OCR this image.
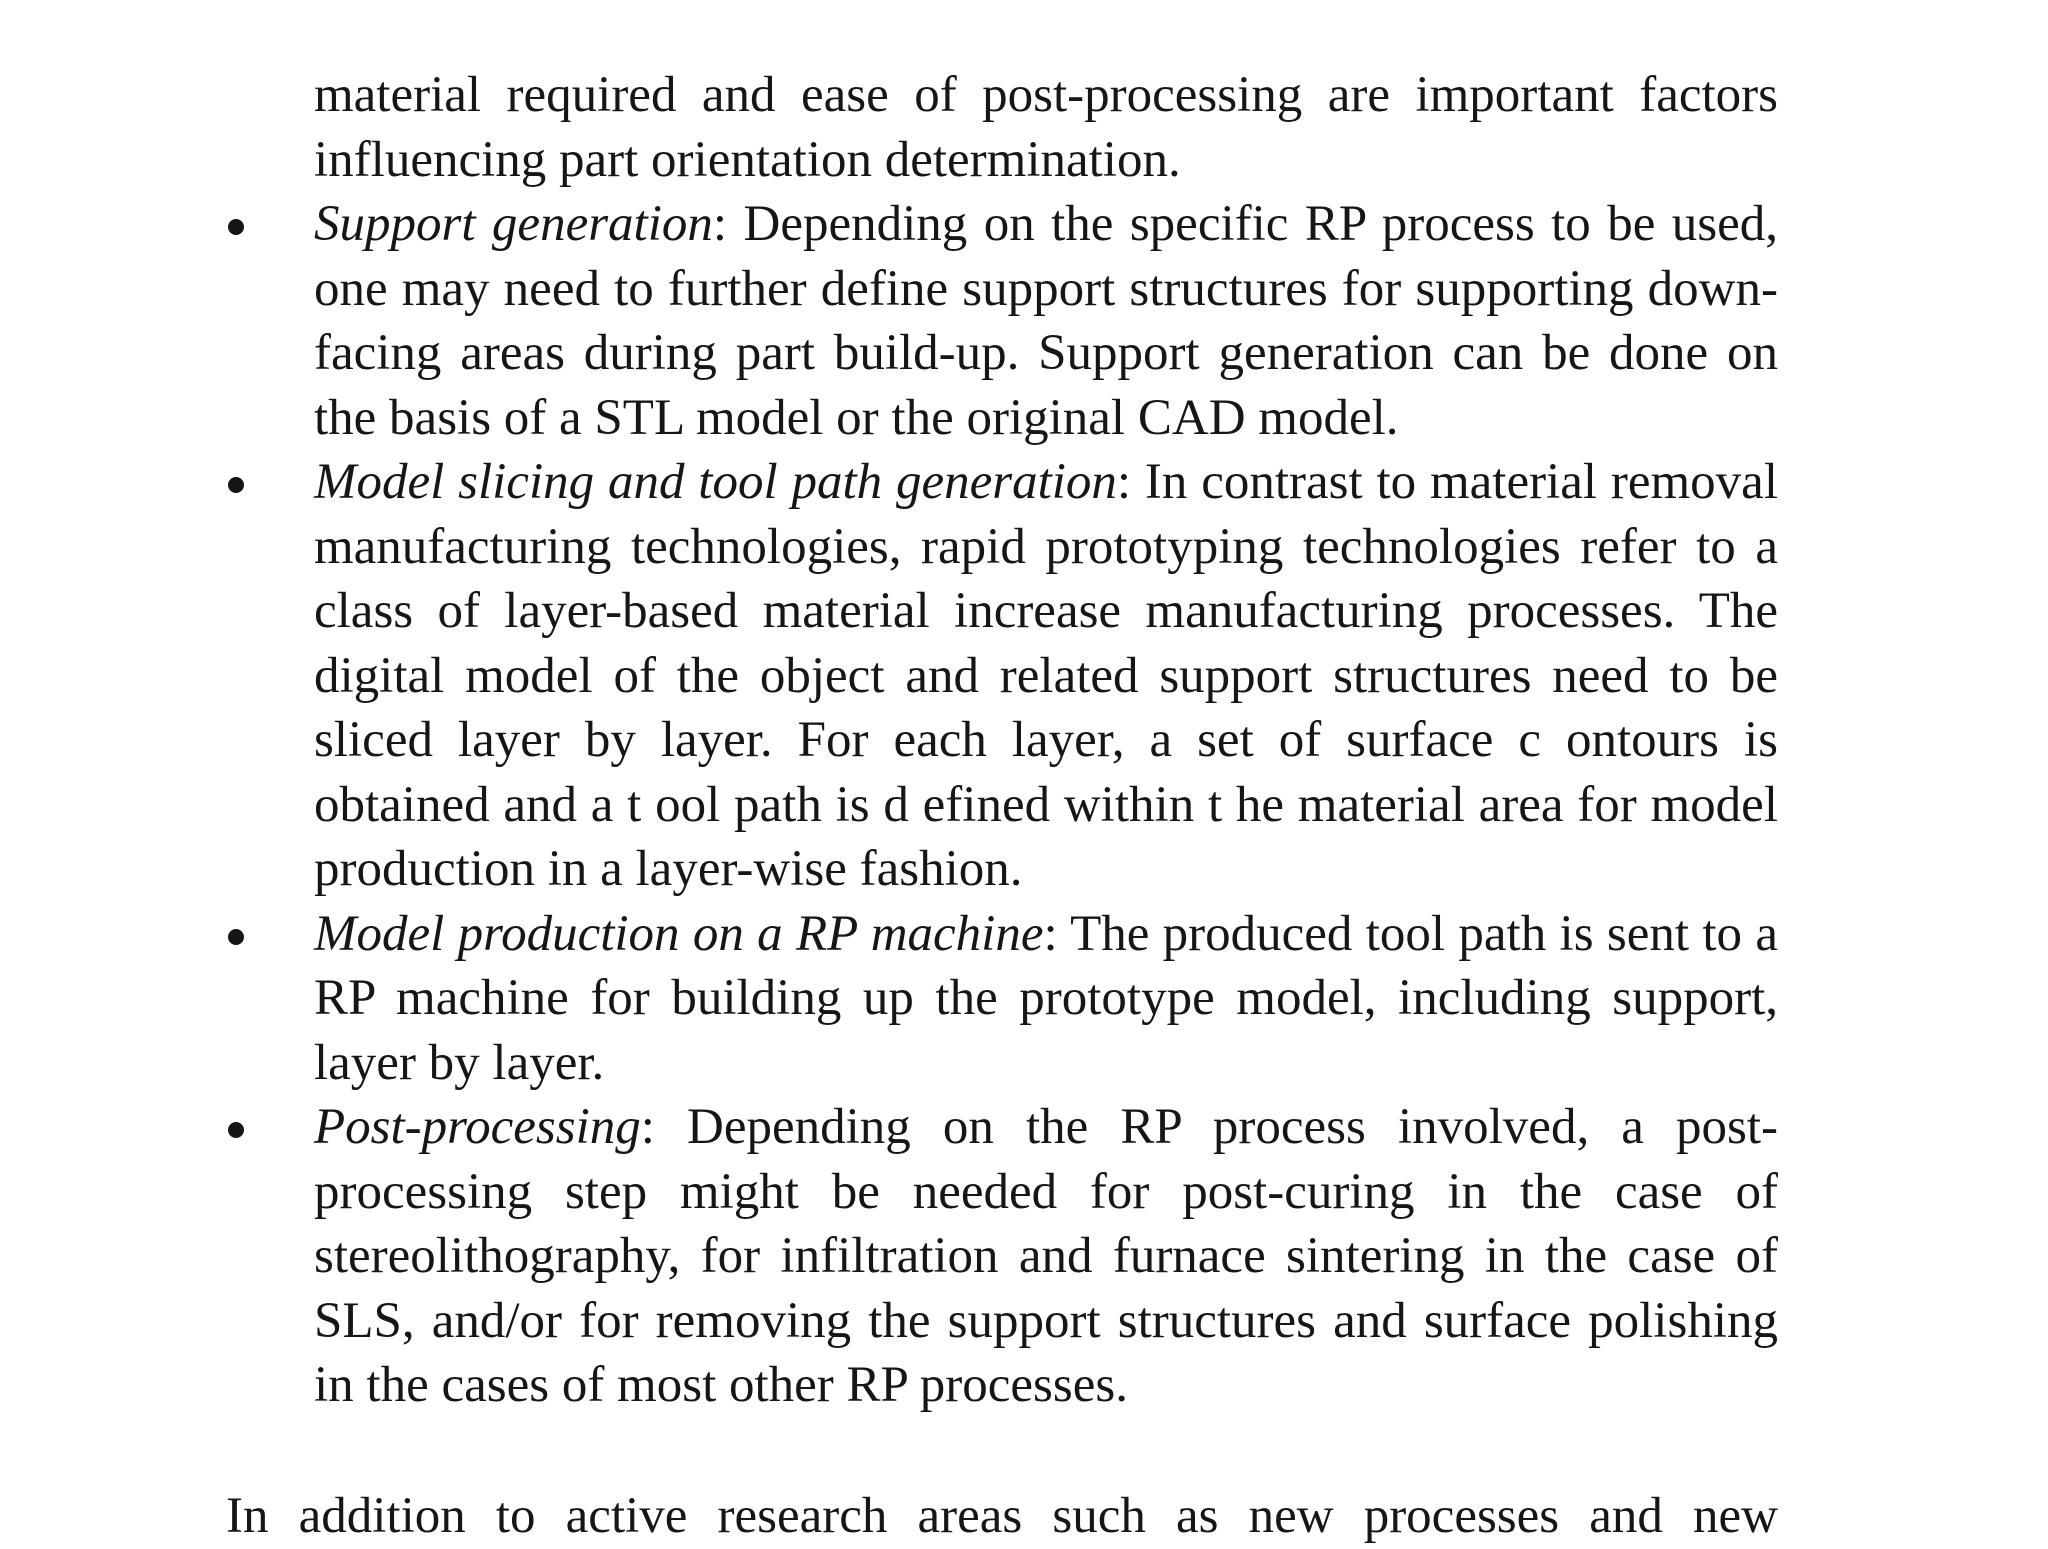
material required and ease of post-processing are important factors influencing part orientation determination.

Support generation: Depending on the specific RP process to be used, one may need to further define support structures for supporting down-facing areas during part build-up. Support generation can be done on the basis of a STL model or the original CAD model.

Model slicing and tool path generation: In contrast to material removal manufacturing technologies, rapid prototyping technologies refer to a class of layer-based material increase manufacturing processes. The digital model of the object and related support structures need to be sliced layer by layer. For each layer, a set of surface c ontours is obtained and a t ool path is d efined within t he material area for model production in a layer-wise fashion.

Model production on a RP machine: The produced tool path is sent to a RP machine for building up the prototype model, including support, layer by layer.

Post-processing: Depending on the RP process involved, a post-processing step might be needed for post-curing in the case of stereolithography, for infiltration and furnace sintering in the case of SLS, and/or for removing the support structures and surface polishing in the cases of most other RP processes.

In addition to active research areas such as new processes and new
